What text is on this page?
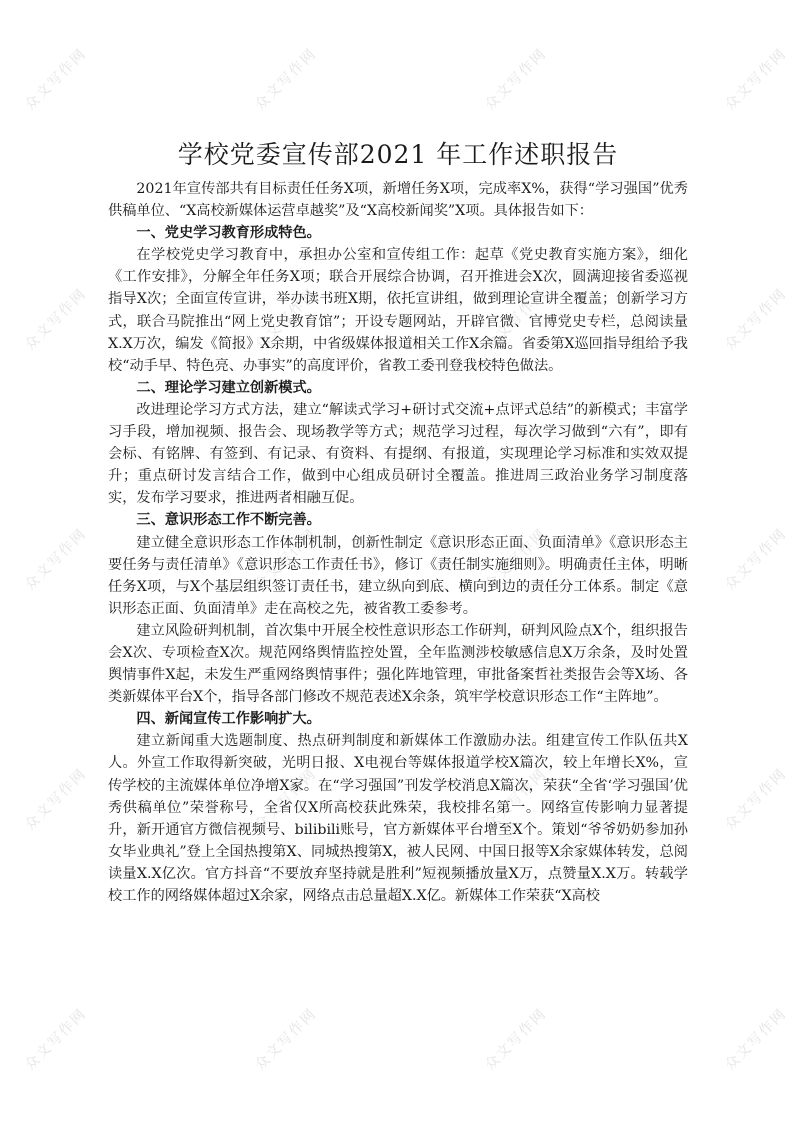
众文写作网	众文写作网	众文写作网	众文写作网
众文写作网	众文写作网	众文写作网	众文写作网
众文写作网	众文写作网	众文写作网	众文写作网
众文写作网	众文写作网	众文写作网	众文写作网
众文写作网	众文写作网	众文写作网	众文写作网
学校党委宣传部2021 年工作述职报告

2021年宣传部共有目标责任任务X项，新增任务X项，完成率X%，获得“学习强国”优秀供稿单位、“X高校新媒体运营卓越奖”及“X高校新闻奖”X项。具体报告如下：

一、党史学习教育形成特色。

在学校党史学习教育中，承担办公室和宣传组工作：起草《党史教育实施方案》，细化《工作安排》，分解全年任务X项；联合开展综合协调，召开推进会X次，圆满迎接省委巡视指导X次；全面宣传宣讲，举办读书班X期，依托宣讲组，做到理论宣讲全覆盖；创新学习方式，联合马院推出“网上党史教育馆”；开设专题网站，开辟官微、官博党史专栏，总阅读量X.X万次，编发《简报》X余期，中省级媒体报道相关工作X余篇。省委第X巡回指导组给予我校“动手早、特色亮、办事实”的高度评价，省教工委刊登我校特色做法。

二、理论学习建立创新模式。

改进理论学习方式方法，建立“解读式学习+研讨式交流+点评式总结”的新模式；丰富学习手段，增加视频、报告会、现场教学等方式；规范学习过程，每次学习做到“六有”，即有会标、有铭牌、有签到、有记录、有资料、有提纲、有报道，实现理论学习标准和实效双提升；重点研讨发言结合工作，做到中心组成员研讨全覆盖。推进周三政治业务学习制度落实，发布学习要求，推进两者相融互促。

三、意识形态工作不断完善。

建立健全意识形态工作体制机制，创新性制定《意识形态正面、负面清单》《意识形态主要任务与责任清单》《意识形态工作责任书》，修订《责任制实施细则》。明确责任主体，明晰任务X项，与X个基层组织签订责任书，建立纵向到底、横向到边的责任分工体系。制定《意识形态正面、负面清单》走在高校之先，被省教工委参考。

建立风险研判机制，首次集中开展全校性意识形态工作研判，研判风险点X个，组织报告会X次、专项检查X次。规范网络舆情监控处置，全年监测涉校敏感信息X万余条，及时处置舆情事件X起，未发生严重网络舆情事件；强化阵地管理，审批备案哲社类报告会等X场、各类新媒体平台X个，指导各部门修改不规范表述X余条，筑牢学校意识形态工作“主阵地”。

四、新闻宣传工作影响扩大。

建立新闻重大选题制度、热点研判制度和新媒体工作激励办法。组建宣传工作队伍共X人。外宣工作取得新突破，光明日报、X电视台等媒体报道学校X篇次，较上年增长X%，宣传学校的主流媒体单位净增X家。在“学习强国”刊发学校消息X篇次，荣获“全省‘学习强国’优秀供稿单位”荣誉称号，全省仅X所高校获此殊荣，我校排名第一。网络宣传影响力显著提升，新开通官方微信视频号、bilibili账号，官方新媒体平台增至X个。策划“爷爷奶奶参加孙女毕业典礼”登上全国热搜第X、同城热搜第X，被人民网、中国日报等X余家媒体转发，总阅读量X.X亿次。官方抖音“不要放弃坚持就是胜利”短视频播放量X万，点赞量X.X万。转载学校工作的网络媒体超过X余家，网络点击总量超X.X亿。新媒体工作荣获“X高校
